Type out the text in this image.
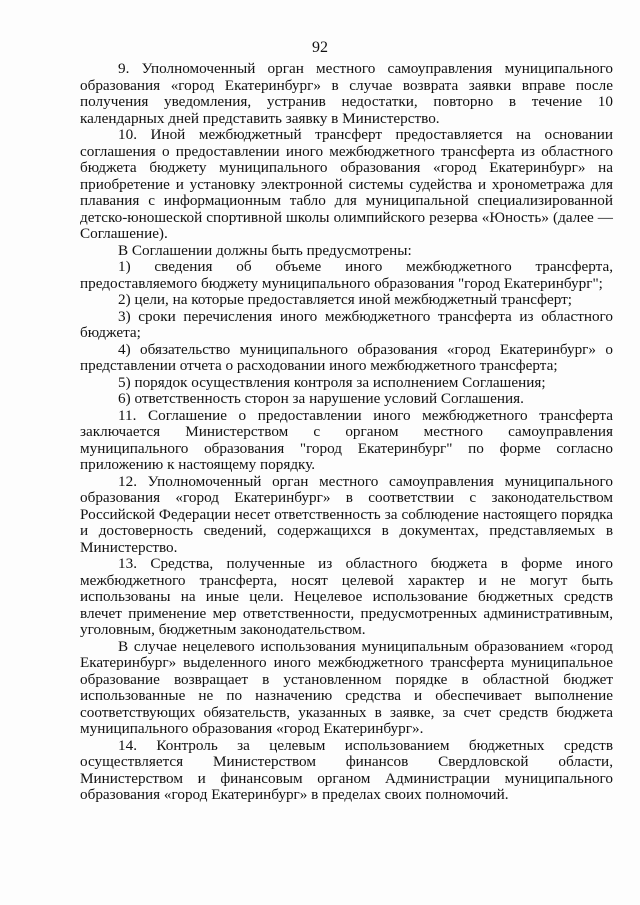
92

9. Уполномоченный орган местного самоуправления муниципального образования «город Екатеринбург» в случае возврата заявки вправе после получения уведомления, устранив недостатки, повторно в течение 10 календарных дней представить заявку в Министерство.

10. Иной межбюджетный трансферт предоставляется на основании соглашения о предоставлении иного межбюджетного трансферта из областного бюджета бюджету муниципального образования «город Екатеринбург» на приобретение и установку электронной системы судейства и хронометража для плавания с информационным табло для муниципальной специализированной детско-юношеской спортивной школы олимпийского резерва «Юность» (далее — Соглашение).

В Соглашении должны быть предусмотрены:

1) сведения об объеме иного межбюджетного трансферта, предоставляемого бюджету муниципального образования "город Екатеринбург";

2) цели, на которые предоставляется иной межбюджетный трансферт;

3) сроки перечисления иного межбюджетного трансферта из областного бюджета;

4) обязательство муниципального образования «город Екатеринбург» о представлении отчета о расходовании иного межбюджетного трансферта;

5) порядок осуществления контроля за исполнением Соглашения;

6) ответственность сторон за нарушение условий Соглашения.

11. Соглашение о предоставлении иного межбюджетного трансферта заключается Министерством с органом местного самоуправления муниципального образования "город Екатеринбург" по форме согласно приложению к настоящему порядку.

12. Уполномоченный орган местного самоуправления муниципального образования «город Екатеринбург» в соответствии с законодательством Российской Федерации несет ответственность за соблюдение настоящего порядка и достоверность сведений, содержащихся в документах, представляемых в Министерство.

13. Средства, полученные из областного бюджета в форме иного межбюджетного трансферта, носят целевой характер и не могут быть использованы на иные цели. Нецелевое использование бюджетных средств влечет применение мер ответственности, предусмотренных административным, уголовным, бюджетным законодательством.

В случае нецелевого использования муниципальным образованием «город Екатеринбург» выделенного иного межбюджетного трансферта муниципальное образование возвращает в установленном порядке в областной бюджет использованные не по назначению средства и обеспечивает выполнение соответствующих обязательств, указанных в заявке, за счет средств бюджета муниципального образования «город Екатеринбург».

14. Контроль за целевым использованием бюджетных средств осуществляется Министерством финансов Свердловской области, Министерством и финансовым органом Администрации муниципального образования «город Екатеринбург» в пределах своих полномочий.
